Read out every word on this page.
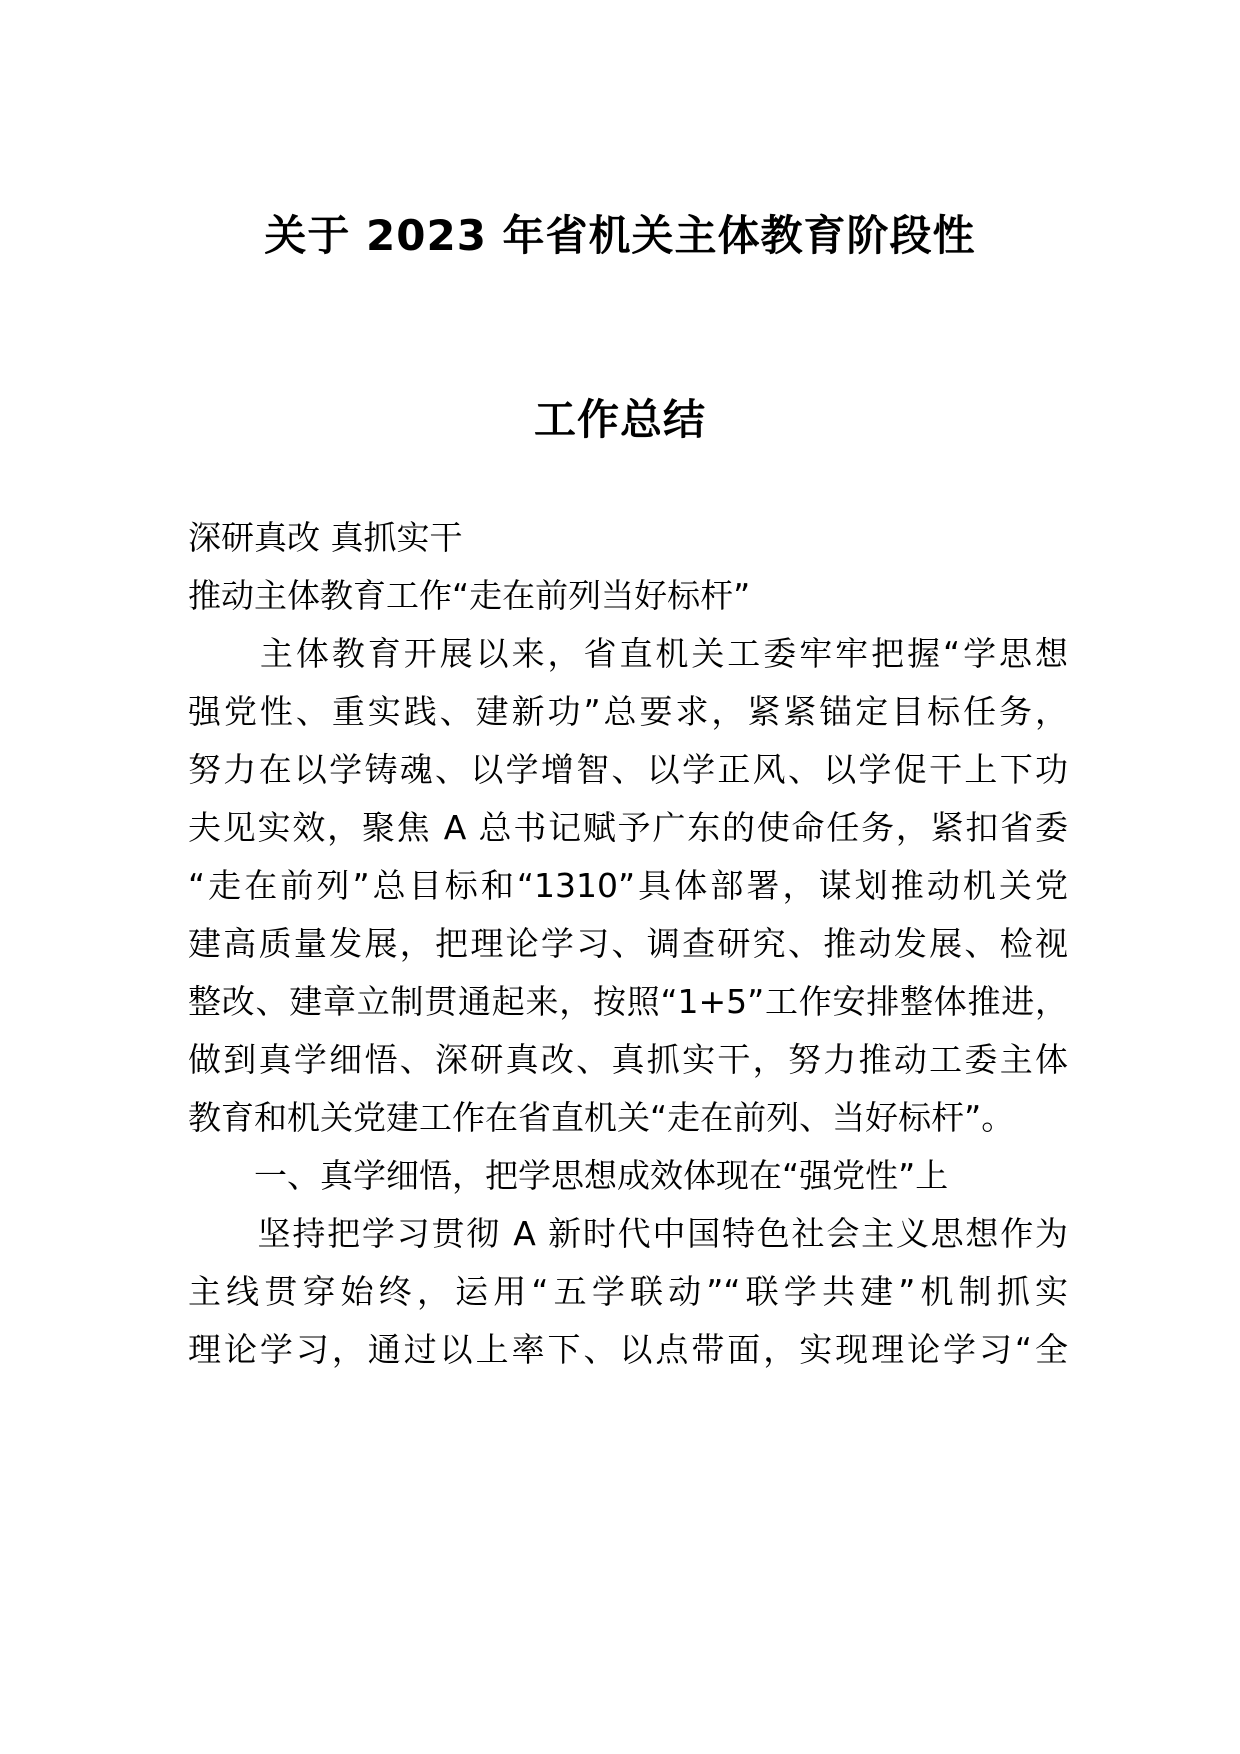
关于 2023 年省机关主体教育阶段性
工作总结
深研真改 真抓实干
推动主体教育工作“走在前列当好标杆”
　　主体教育开展以来，省直机关工委牢牢把握“学思想
强党性、重实践、建新功”总要求，紧紧锚定目标任务，
努力在以学铸魂、以学增智、以学正风、以学促干上下功
夫见实效，聚焦 A 总书记赋予广东的使命任务，紧扣省委
“走在前列”总目标和“1310”具体部署，谋划推动机关党
建高质量发展，把理论学习、调查研究、推动发展、检视
整改、建章立制贯通起来，按照“1+5”工作安排整体推进，
做到真学细悟、深研真改、真抓实干，努力推动工委主体
教育和机关党建工作在省直机关“走在前列、当好标杆”。
　　一、真学细悟，把学思想成效体现在“强党性”上
　　坚持把学习贯彻 A 新时代中国特色社会主义思想作为
主线贯穿始终，运用“五学联动”“联学共建”机制抓实
理论学习，通过以上率下、以点带面，实现理论学习“全
